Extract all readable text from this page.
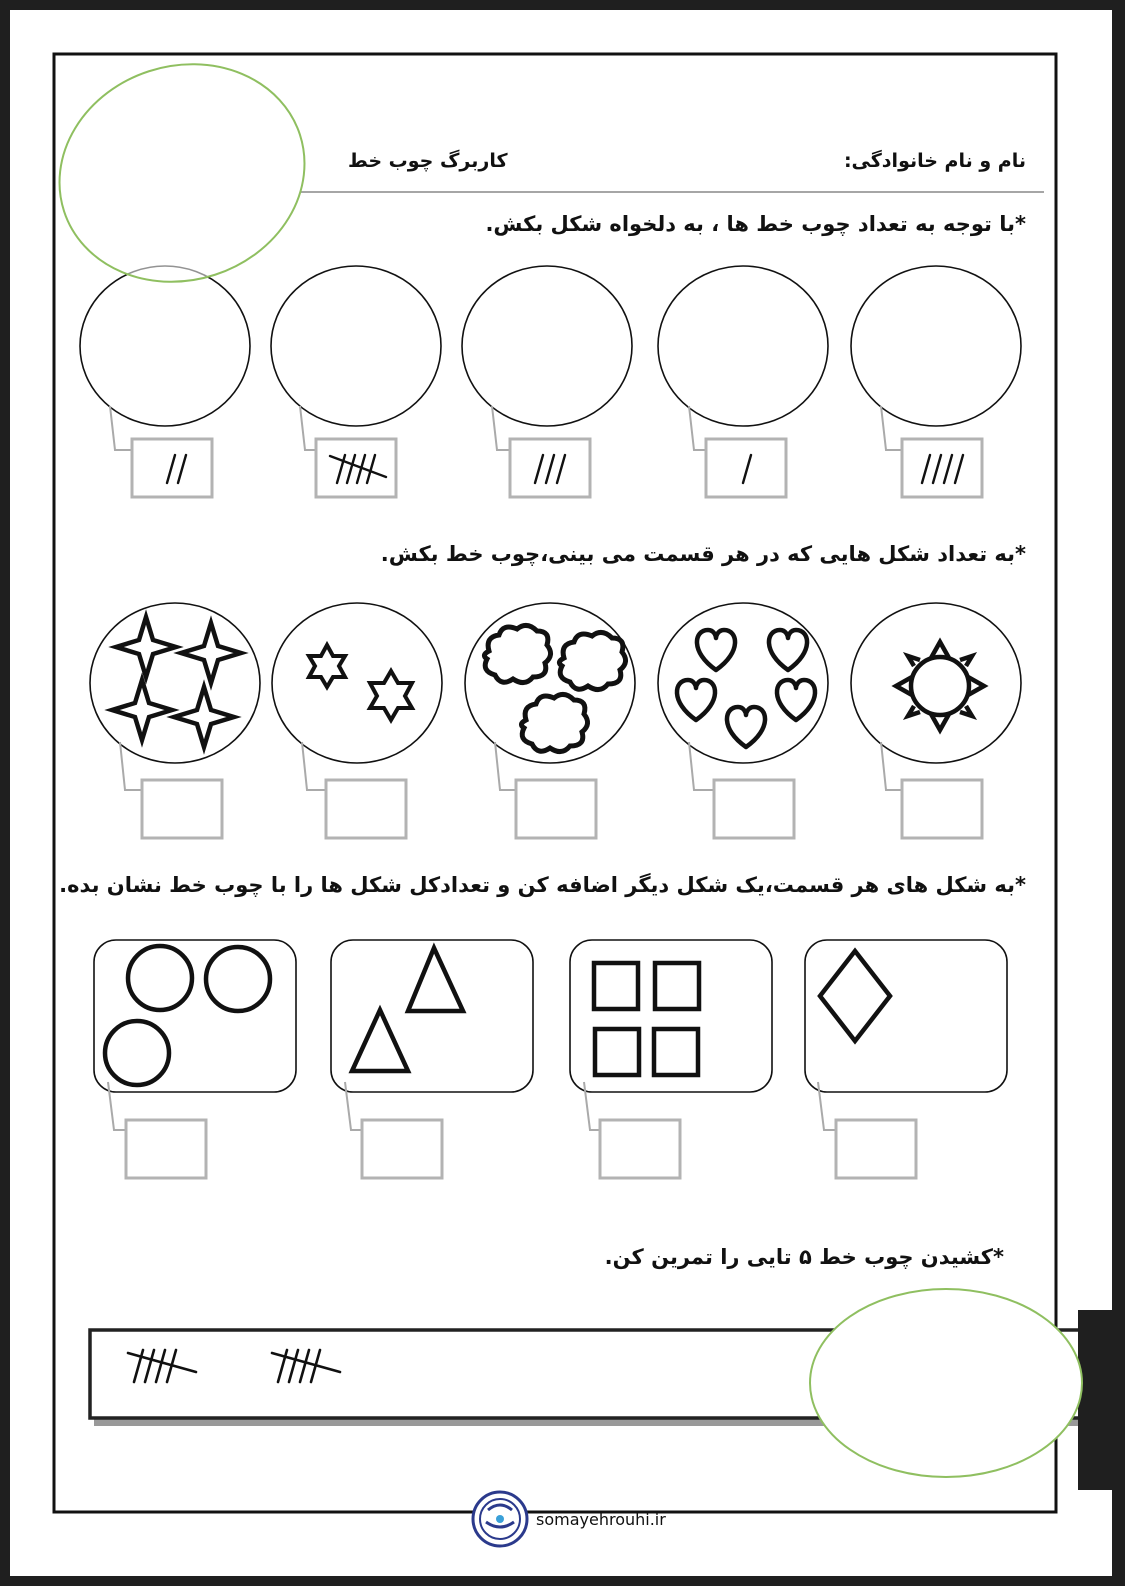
نام و نام خانوادگی:
کاربرگ چوب خط
*با توجه به تعداد چوب خط ها ، به دلخواه شکل بکش.
*به تعداد شکل هایی که در هر قسمت می بینی،چوب خط بکش.
*به شکل های هر قسمت،یک شکل دیگر اضافه کن و تعدادکل شکل ها را با چوب خط نشان بده.
*کشیدن چوب خط ۵ تایی را تمرین کن.
somayehrouhi.ir
